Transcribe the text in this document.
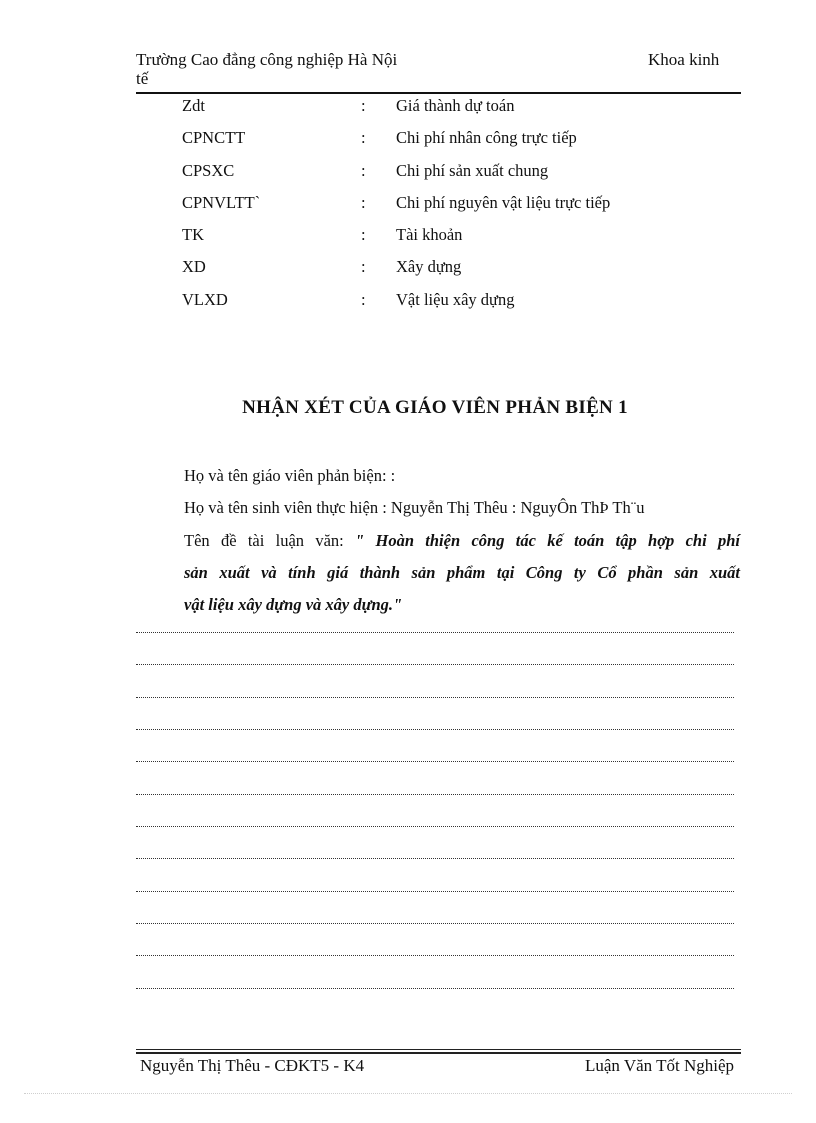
Trường Cao đẳng công nghiệp Hà Nội
tế
Khoa kinh
Zdt	: Giá thành dự toán
CPNCTT	: Chi phí nhân công trực tiếp
CPSXC	: Chi phí sản xuất chung
CPNVLTT`	: Chi phí nguyên vật liệu trực tiếp
TK	: Tài khoản
XD	: Xây dựng
VLXD	: Vật liệu xây dựng
NHẬN XÉT CỦA GIÁO VIÊN PHẢN BIỆN 1
Họ và tên giáo viên phản biện: :
Họ và tên sinh viên thực hiện : Nguyễn Thị Thêu : NguyÔn ThÞ Th¨u
Tên đề tài luận văn: " Hoàn thiện công tác kế toán tập hợp chi phí
sản xuất và tính giá thành sản phẩm tại Công ty Cổ phần sản xuất
vật liệu xây dựng và xây dựng."
Nguyễn Thị Thêu - CĐKT5 - K4	Luận Văn Tốt Nghiệp
